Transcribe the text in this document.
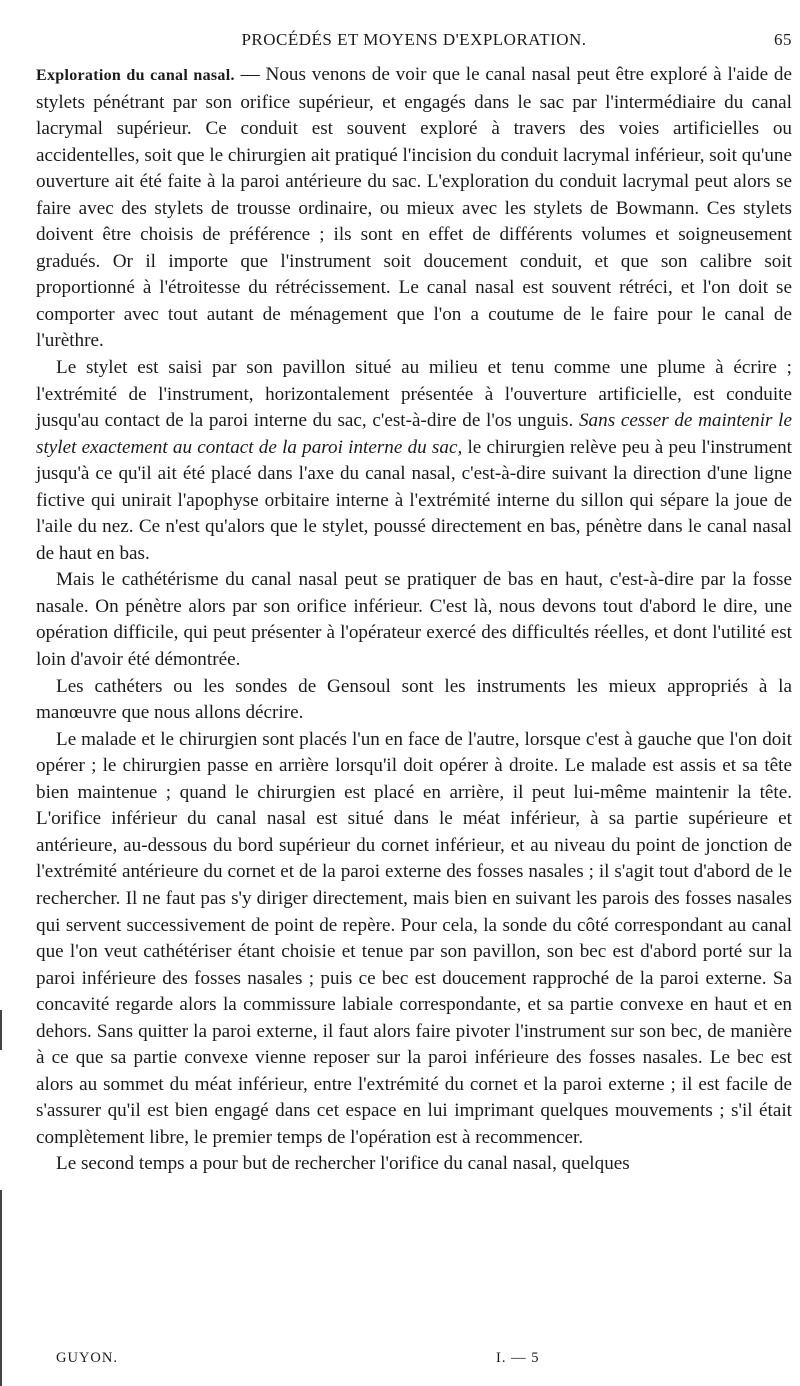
PROCÉDÉS ET MOYENS D'EXPLORATION.	65

Exploration du canal nasal. — Nous venons de voir que le canal nasal peut être exploré à l'aide de stylets pénétrant par son orifice supérieur, et engagés dans le sac par l'intermédiaire du canal lacrymal supérieur. Ce conduit est souvent exploré à travers des voies artificielles ou accidentelles, soit que le chirurgien ait pratiqué l'incision du conduit lacrymal inférieur, soit qu'une ouverture ait été faite à la paroi antérieure du sac. L'exploration du conduit lacrymal peut alors se faire avec des stylets de trousse ordinaire, ou mieux avec les stylets de Bowmann. Ces stylets doivent être choisis de préférence ; ils sont en effet de différents volumes et soigneusement gradués. Or il importe que l'instrument soit doucement conduit, et que son calibre soit proportionné à l'étroitesse du rétrécissement. Le canal nasal est souvent rétréci, et l'on doit se comporter avec tout autant de ménagement que l'on a coutume de le faire pour le canal de l'urèthre.

Le stylet est saisi par son pavillon situé au milieu et tenu comme une plume à écrire ; l'extrémité de l'instrument, horizontalement présentée à l'ouverture artificielle, est conduite jusqu'au contact de la paroi interne du sac, c'est-à-dire de l'os unguis. Sans cesser de maintenir le stylet exactement au contact de la paroi interne du sac, le chirurgien relève peu à peu l'instrument jusqu'à ce qu'il ait été placé dans l'axe du canal nasal, c'est-à-dire suivant la direction d'une ligne fictive qui unirait l'apophyse orbitaire interne à l'extrémité interne du sillon qui sépare la joue de l'aile du nez. Ce n'est qu'alors que le stylet, poussé directement en bas, pénètre dans le canal nasal de haut en bas.

Mais le cathétérisme du canal nasal peut se pratiquer de bas en haut, c'est-à-dire par la fosse nasale. On pénètre alors par son orifice inférieur. C'est là, nous devons tout d'abord le dire, une opération difficile, qui peut présenter à l'opérateur exercé des difficultés réelles, et dont l'utilité est loin d'avoir été démontrée.

Les cathéters ou les sondes de Gensoul sont les instruments les mieux appropriés à la manœuvre que nous allons décrire.

Le malade et le chirurgien sont placés l'un en face de l'autre, lorsque c'est à gauche que l'on doit opérer ; le chirurgien passe en arrière lorsqu'il doit opérer à droite. Le malade est assis et sa tête bien maintenue ; quand le chirurgien est placé en arrière, il peut lui-même maintenir la tête. L'orifice inférieur du canal nasal est situé dans le méat inférieur, à sa partie supérieure et antérieure, au-dessous du bord supérieur du cornet inférieur, et au niveau du point de jonction de l'extrémité antérieure du cornet et de la paroi externe des fosses nasales ; il s'agit tout d'abord de le rechercher. Il ne faut pas s'y diriger directement, mais bien en suivant les parois des fosses nasales qui servent successivement de point de repère. Pour cela, la sonde du côté correspondant au canal que l'on veut cathétériser étant choisie et tenue par son pavillon, son bec est d'abord porté sur la paroi inférieure des fosses nasales ; puis ce bec est doucement rapproché de la paroi externe. Sa concavité regarde alors la commissure labiale correspondante, et sa partie convexe en haut et en dehors. Sans quitter la paroi externe, il faut alors faire pivoter l'instrument sur son bec, de manière à ce que sa partie convexe vienne reposer sur la paroi inférieure des fosses nasales. Le bec est alors au sommet du méat inférieur, entre l'extrémité du cornet et la paroi externe ; il est facile de s'assurer qu'il est bien engagé dans cet espace en lui imprimant quelques mouvements ; s'il était complètement libre, le premier temps de l'opération est à recommencer.

Le second temps a pour but de rechercher l'orifice du canal nasal, quelques

GUYON.	I. — 5
